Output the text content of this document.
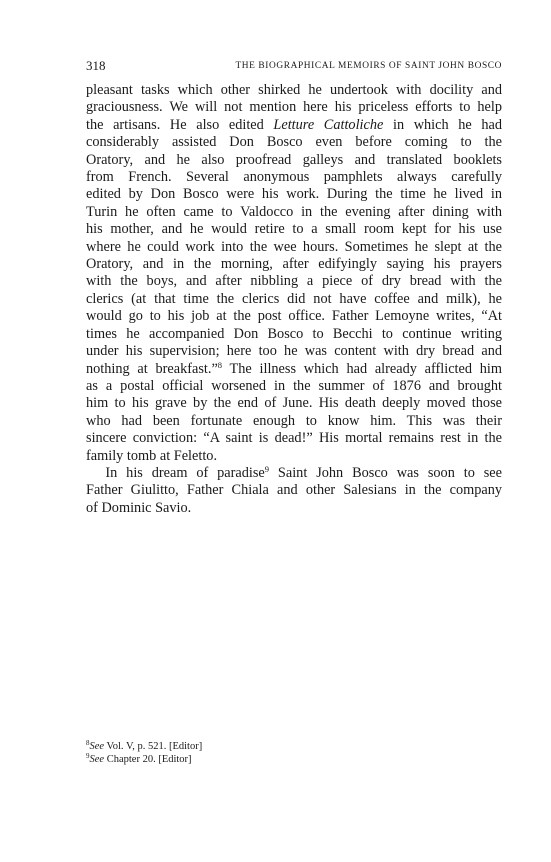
318	THE BIOGRAPHICAL MEMOIRS OF SAINT JOHN BOSCO
pleasant tasks which other shirked he undertook with docility and
graciousness. We will not mention here his priceless efforts to help
the artisans. He also edited Letture Cattoliche in which he had
considerably assisted Don Bosco even before coming to the
Oratory, and he also proofread galleys and translated booklets
from French. Several anonymous pamphlets always carefully
edited by Don Bosco were his work. During the time he lived in
Turin he often came to Valdocco in the evening after dining with
his mother, and he would retire to a small room kept for his use
where he could work into the wee hours. Sometimes he slept at the
Oratory, and in the morning, after edifyingly saying his prayers
with the boys, and after nibbling a piece of dry bread with the
clerics (at that time the clerics did not have coffee and milk), he
would go to his job at the post office. Father Lemoyne writes, “At
times he accompanied Don Bosco to Becchi to continue writing
under his supervision; here too he was content with dry bread and
nothing at breakfast.”$^8$ The illness which had already afflicted him
as a postal official worsened in the summer of 1876 and brought
him to his grave by the end of June. His death deeply moved those
who had been fortunate enough to know him. This was their
sincere conviction: “A saint is dead!” His mortal remains rest in the
family tomb at Feletto.
In his dream of paradise$^9$ Saint John Bosco was soon to see
Father Giulitto, Father Chiala and other Salesians in the company
of Dominic Savio.
$^8$See Vol. V, p. 521. [Editor]
$^9$See Chapter 20. [Editor]
